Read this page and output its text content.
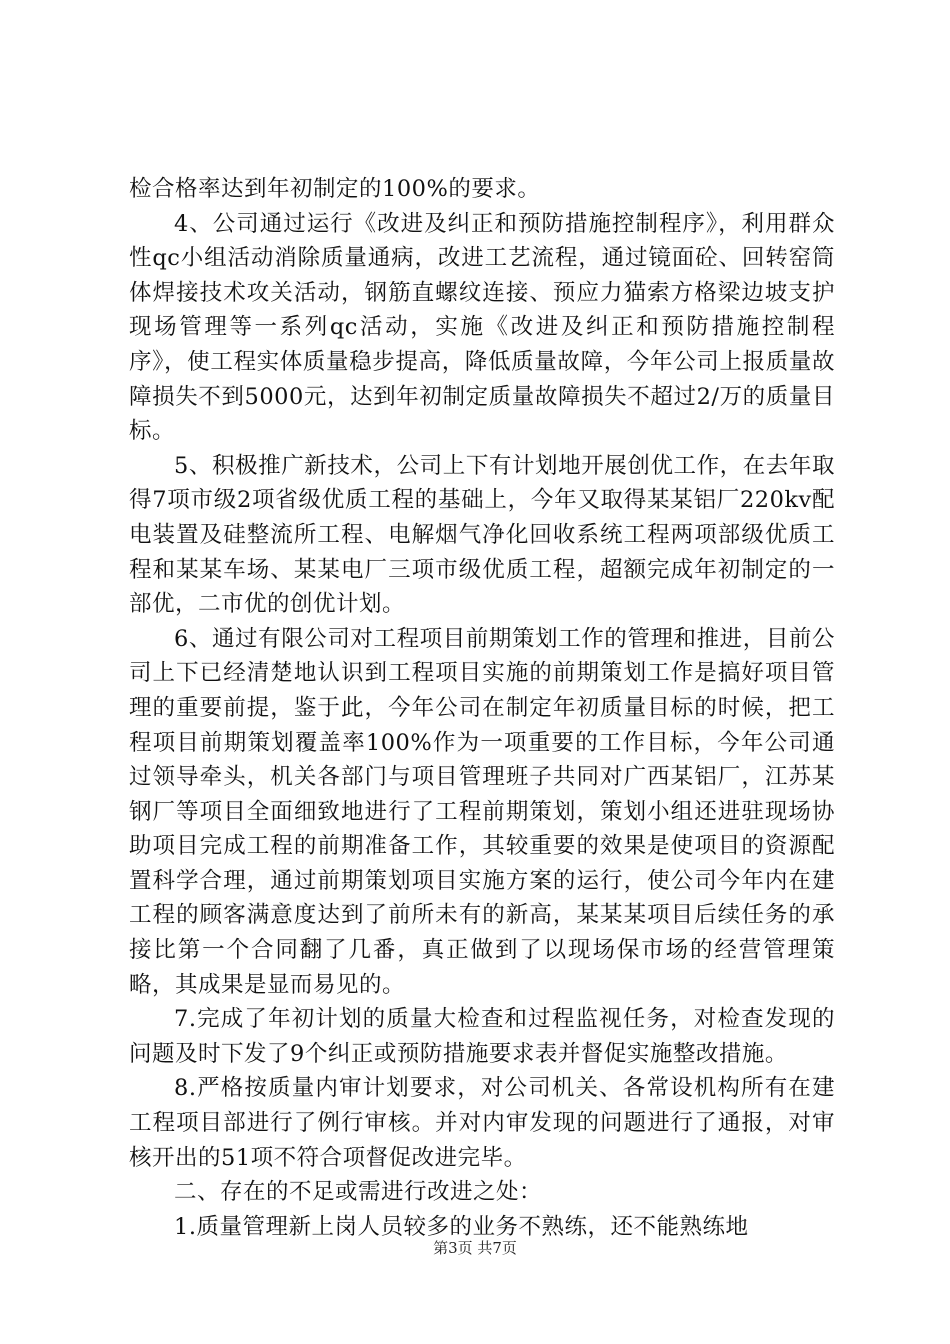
检合格率达到年初制定的100%的要求。

4、公司通过运行《改进及纠正和预防措施控制程序》，利用群众性qc小组活动消除质量通病，改进工艺流程，通过镜面砼、回转窑筒体焊接技术攻关活动，钢筋直螺纹连接、预应力猫索方格梁边坡支护现场管理等一系列qc活动，实施《改进及纠正和预防措施控制程序》，使工程实体质量稳步提高，降低质量故障，今年公司上报质量故障损失不到5000元，达到年初制定质量故障损失不超过2/万的质量目标。

5、积极推广新技术，公司上下有计划地开展创优工作，在去年取得7项市级2项省级优质工程的基础上，今年又取得某某铝厂220kv配电装置及硅整流所工程、电解烟气净化回收系统工程两项部级优质工程和某某车场、某某电厂三项市级优质工程，超额完成年初制定的一部优，二市优的创优计划。

6、通过有限公司对工程项目前期策划工作的管理和推进，目前公司上下已经清楚地认识到工程项目实施的前期策划工作是搞好项目管理的重要前提，鉴于此，今年公司在制定年初质量目标的时候，把工程项目前期策划覆盖率100%作为一项重要的工作目标，今年公司通过领导牵头，机关各部门与项目管理班子共同对广西某铝厂，江苏某钢厂等项目全面细致地进行了工程前期策划，策划小组还进驻现场协助项目完成工程的前期准备工作，其较重要的效果是使项目的资源配置科学合理，通过前期策划项目实施方案的运行，使公司今年内在建工程的顾客满意度达到了前所未有的新高，某某某项目后续任务的承接比第一个合同翻了几番，真正做到了以现场保市场的经营管理策略，其成果是显而易见的。

7.完成了年初计划的质量大检查和过程监视任务，对检查发现的问题及时下发了9个纠正或预防措施要求表并督促实施整改措施。

8.严格按质量内审计划要求，对公司机关、各常设机构所有在建工程项目部进行了例行审核。并对内审发现的问题进行了通报，对审核开出的51项不符合项督促改进完毕。

二、存在的不足或需进行改进之处：

1.质量管理新上岗人员较多的业务不熟练，还不能熟练地

第3页 共7页
